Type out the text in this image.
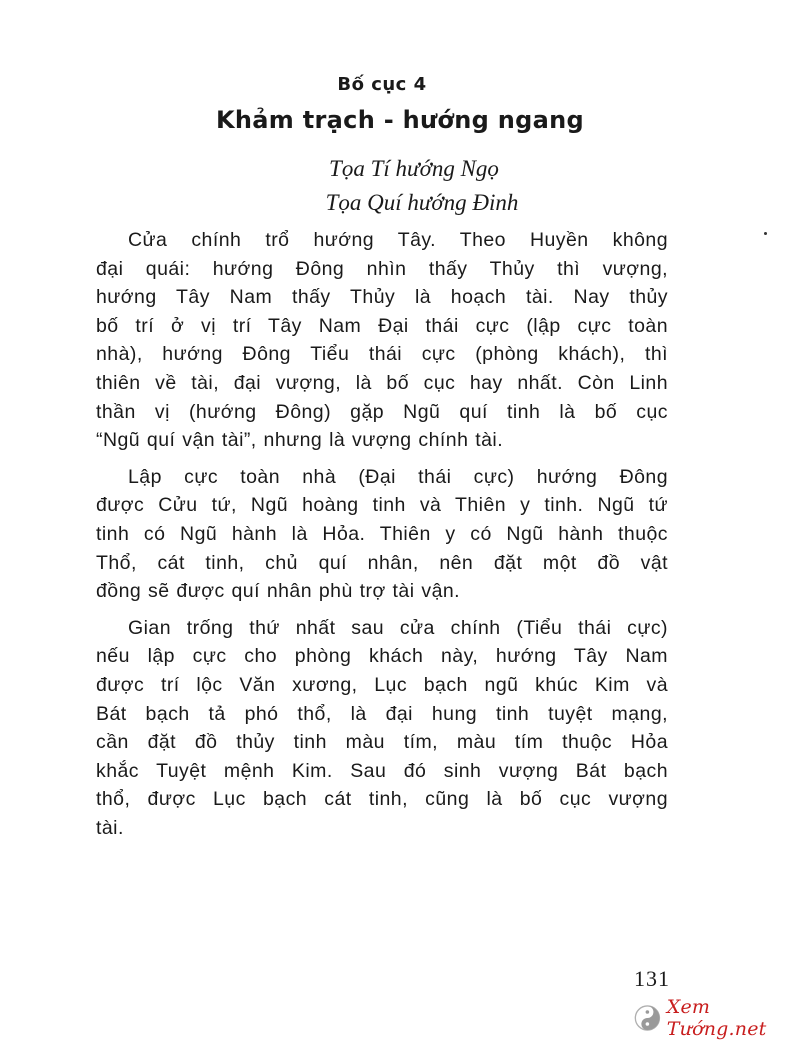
Bố cục 4
Khảm trạch - hướng ngang
Tọa Tí hướng Ngọ
Tọa Quí hướng Đinh

Cửa chính trổ hướng Tây. Theo Huyền không
đại quái: hướng Đông nhìn thấy Thủy thì vượng,
hướng Tây Nam thấy Thủy là hoạch tài. Nay thủy
bố trí ở vị trí Tây Nam Đại thái cực (lập cực toàn
nhà), hướng Đông Tiểu thái cực (phòng khách), thì
thiên về tài, đại vượng, là bố cục hay nhất. Còn Linh
thần vị (hướng Đông) gặp Ngũ quí tinh là bố cục
“Ngũ quí vận tài”, nhưng là vượng chính tài.

Lập cực toàn nhà (Đại thái cực) hướng Đông
được Cửu tứ, Ngũ hoàng tinh và Thiên y tinh. Ngũ tứ
tinh có Ngũ hành là Hỏa. Thiên y có Ngũ hành thuộc
Thổ, cát tinh, chủ quí nhân, nên đặt một đồ vật
đồng sẽ được quí nhân phù trợ tài vận.

Gian trống thứ nhất sau cửa chính (Tiểu thái cực)
nếu lập cực cho phòng khách này, hướng Tây Nam
được trí lộc Văn xương, Lục bạch ngũ khúc Kim và
Bát bạch tả phó thổ, là đại hung tinh tuyệt mạng,
cần đặt đồ thủy tinh màu tím, màu tím thuộc Hỏa
khắc Tuyệt mệnh Kim. Sau đó sinh vượng Bát bạch
thổ, được Lục bạch cát tinh, cũng là bố cục vượng
tài.

131
Xem Tướng.net
